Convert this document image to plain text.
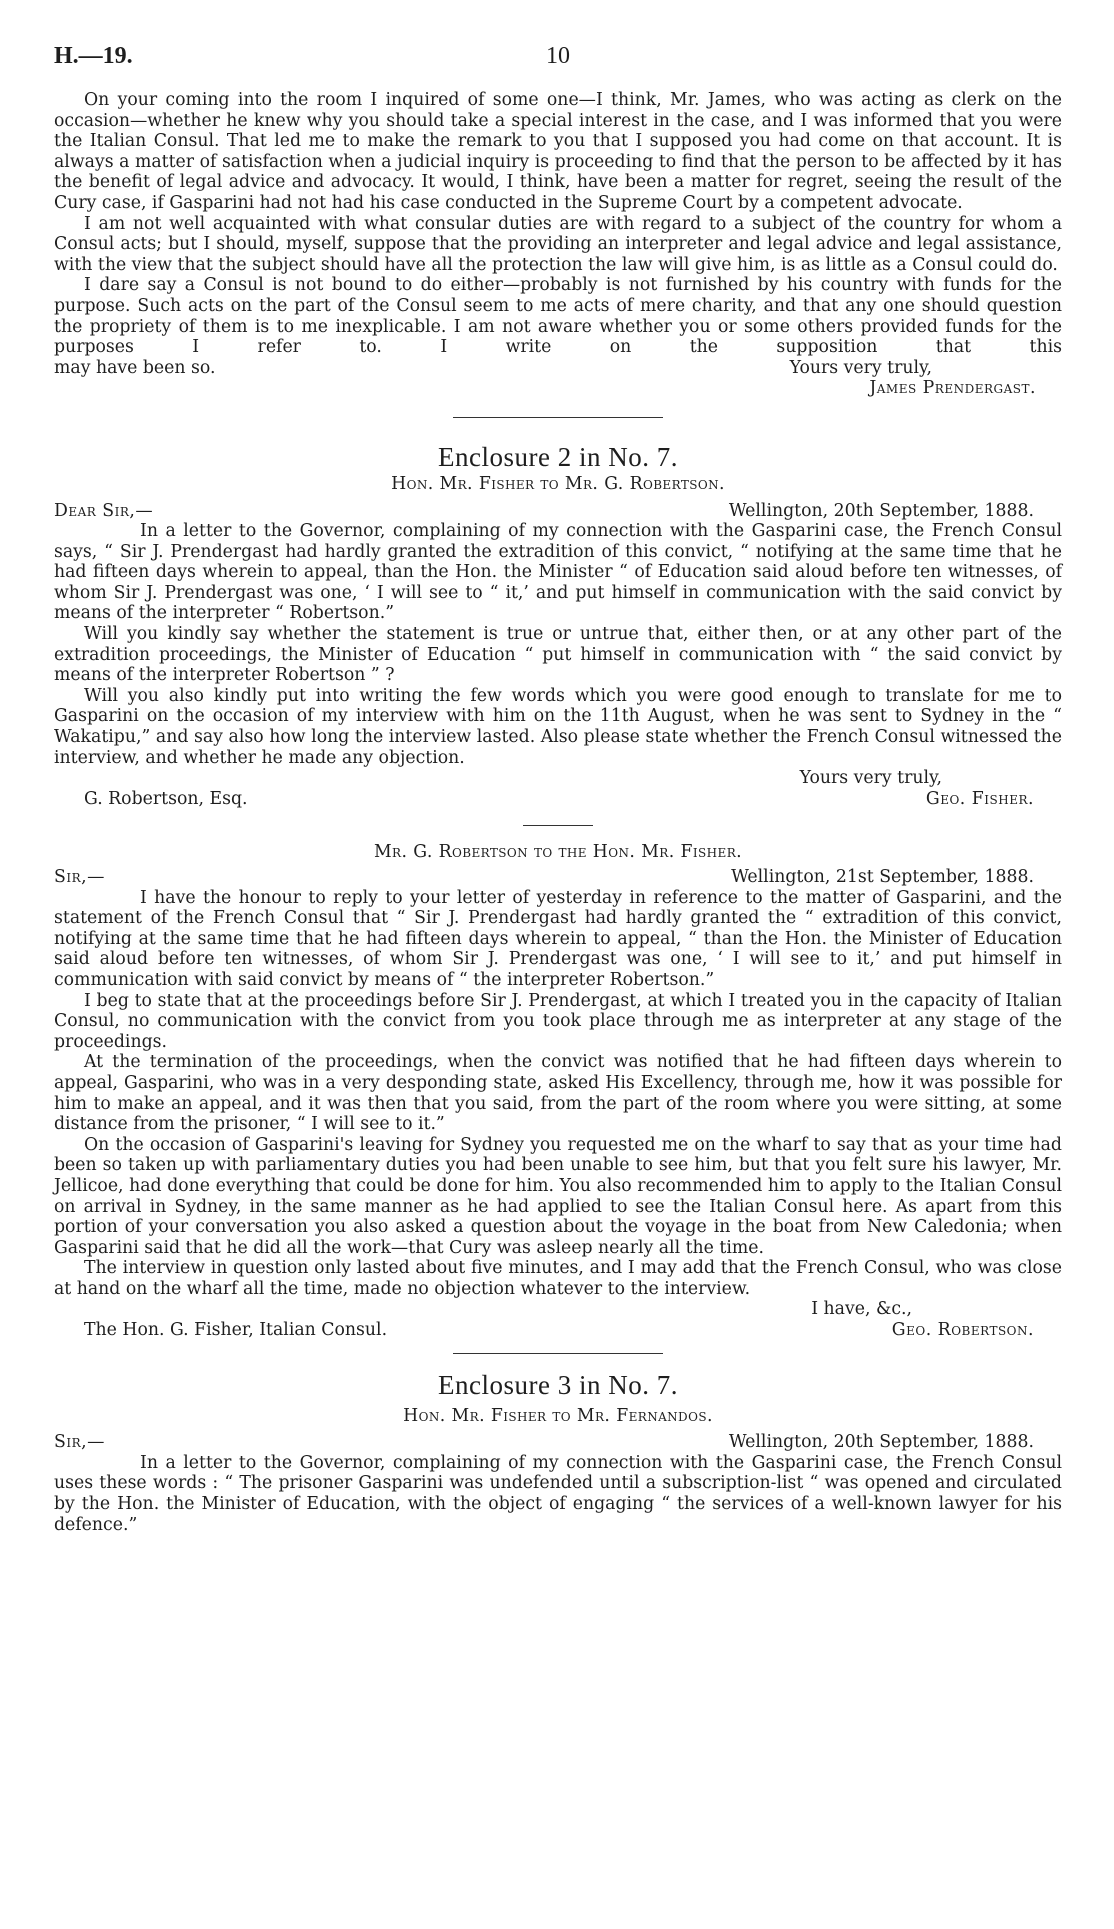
H.—19.	10

On your coming into the room I inquired of some one—I think, Mr. James, who was acting as clerk on the occasion—whether he knew why you should take a special interest in the case, and I was informed that you were the Italian Consul. That led me to make the remark to you that I supposed you had come on that account. It is always a matter of satisfaction when a judicial inquiry is proceeding to find that the person to be affected by it has the benefit of legal advice and advocacy. It would, I think, have been a matter for regret, seeing the result of the Cury case, if Gasparini had not had his case conducted in the Supreme Court by a competent advocate.

I am not well acquainted with what consular duties are with regard to a subject of the country for whom a Consul acts; but I should, myself, suppose that the providing an interpreter and legal advice and legal assistance, with the view that the subject should have all the protection the law will give him, is as little as a Consul could do.

I dare say a Consul is not bound to do either—probably is not furnished by his country with funds for the purpose. Such acts on the part of the Consul seem to me acts of mere charity, and that any one should question the propriety of them is to me inexplicable. I am not aware whether you or some others provided funds for the purposes I refer to. I write on the supposition that this

may have been so.	Yours very truly,
James Prendergast.
Enclosure 2 in No. 7.
Hon. Mr. Fisher to Mr. G. Robertson.
Dear Sir,—	Wellington, 20th September, 1888.

In a letter to the Governor, complaining of my connection with the Gasparini case, the French Consul says, “ Sir J. Prendergast had hardly granted the extradition of this convict, “ notifying at the same time that he had fifteen days wherein to appeal, than the Hon. the Minister “ of Education said aloud before ten witnesses, of whom Sir J. Prendergast was one, ‘ I will see to “ it,’ and put himself in communication with the said convict by means of the interpreter “ Robertson.”

Will you kindly say whether the statement is true or untrue that, either then, or at any other part of the extradition proceedings, the Minister of Education “ put himself in communication with “ the said convict by means of the interpreter Robertson ” ?

Will you also kindly put into writing the few words which you were good enough to translate for me to Gasparini on the occasion of my interview with him on the 11th August, when he was sent to Sydney in the “ Wakatipu,” and say also how long the interview lasted. Also please state whether the French Consul witnessed the interview, and whether he made any objection.

Yours very truly,
G. Robertson, Esq.	Geo. Fisher.
Mr. G. Robertson to the Hon. Mr. Fisher.
Sir,—	Wellington, 21st September, 1888.

I have the honour to reply to your letter of yesterday in reference to the matter of Gasparini, and the statement of the French Consul that “ Sir J. Prendergast had hardly granted the “ extradition of this convict, notifying at the same time that he had fifteen days wherein to appeal, “ than the Hon. the Minister of Education said aloud before ten witnesses, of whom Sir J. Prendergast was one, ‘ I will see to it,’ and put himself in communication with said convict by means of “ the interpreter Robertson.”

I beg to state that at the proceedings before Sir J. Prendergast, at which I treated you in the capacity of Italian Consul, no communication with the convict from you took place through me as interpreter at any stage of the proceedings.

At the termination of the proceedings, when the convict was notified that he had fifteen days wherein to appeal, Gasparini, who was in a very desponding state, asked His Excellency, through me, how it was possible for him to make an appeal, and it was then that you said, from the part of the room where you were sitting, at some distance from the prisoner, “ I will see to it.”

On the occasion of Gasparini's leaving for Sydney you requested me on the wharf to say that as your time had been so taken up with parliamentary duties you had been unable to see him, but that you felt sure his lawyer, Mr. Jellicoe, had done everything that could be done for him. You also recommended him to apply to the Italian Consul on arrival in Sydney, in the same manner as he had applied to see the Italian Consul here. As apart from this portion of your conversation you also asked a question about the voyage in the boat from New Caledonia; when Gasparini said that he did all the work—that Cury was asleep nearly all the time.

The interview in question only lasted about five minutes, and I may add that the French Consul, who was close at hand on the wharf all the time, made no objection whatever to the interview.

I have, &c.,
The Hon. G. Fisher, Italian Consul.	Geo. Robertson.
Enclosure 3 in No. 7.
Hon. Mr. Fisher to Mr. Fernandos.
Sir,—	Wellington, 20th September, 1888.

In a letter to the Governor, complaining of my connection with the Gasparini case, the French Consul uses these words : “ The prisoner Gasparini was undefended until a subscription-list “ was opened and circulated by the Hon. the Minister of Education, with the object of engaging “ the services of a well-known lawyer for his defence.”
